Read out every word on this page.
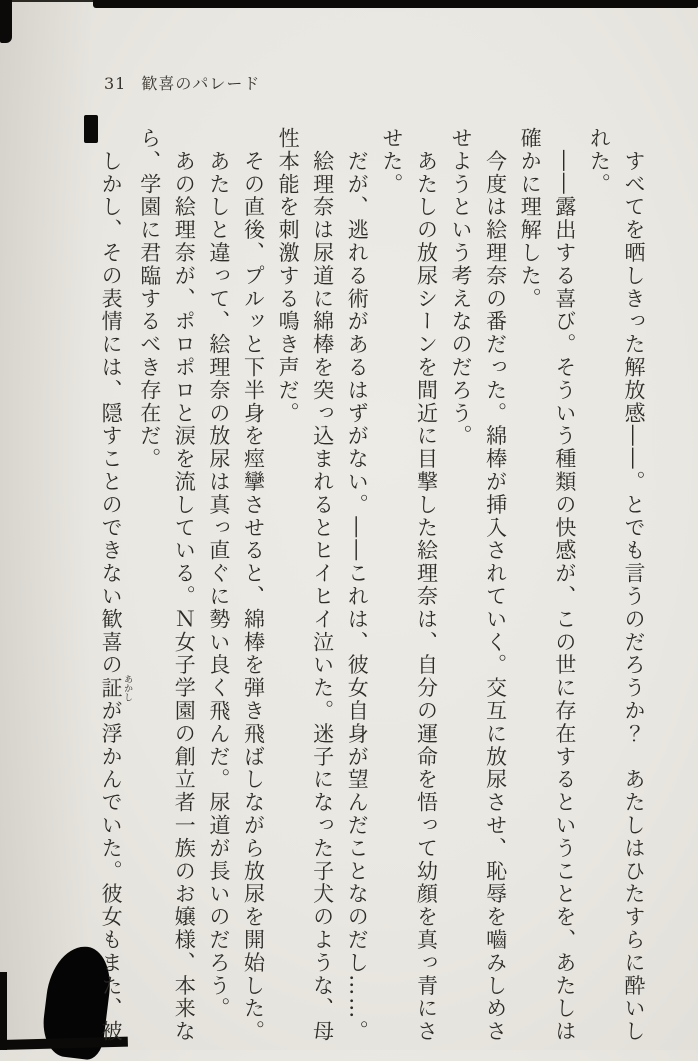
31 歓喜のパレード

　すべてを晒しきった解放感――。とでも言うのだろうか？　あたしはひたすらに酔いしれた。

　――露出する喜び。そういう種類の快感が、この世に存在するということを、あたしは確かに理解した。

　今度は絵理奈の番だった。綿棒が挿入されていく。交互に放尿させ、恥辱を嚙みしめさせようという考えなのだろう。

　あたしの放尿シーンを間近に目撃した絵理奈は、自分の運命を悟って幼顔を真っ青にさせた。

　だが、逃れる術があるはずがない。――これは、彼女自身が望んだことなのだし……。

　絵理奈は尿道に綿棒を突っ込まれるとヒイヒイ泣いた。迷子になった子犬のような、母性本能を刺激する鳴き声だ。

　その直後、プルッと下半身を痙攣させると、綿棒を弾き飛ばしながら放尿を開始した。

　あたしと違って、絵理奈の放尿は真っ直ぐに勢い良く飛んだ。尿道が長いのだろう。

　あの絵理奈が、ポロポロと涙を流している。Ｎ女子学園の創立者一族のお嬢様、本来なら、学園に君臨するべき存在だ。

　しかし、その表情には、隠すことのできない歓喜の証 あかしが浮かんでいた。彼女もまた、被
